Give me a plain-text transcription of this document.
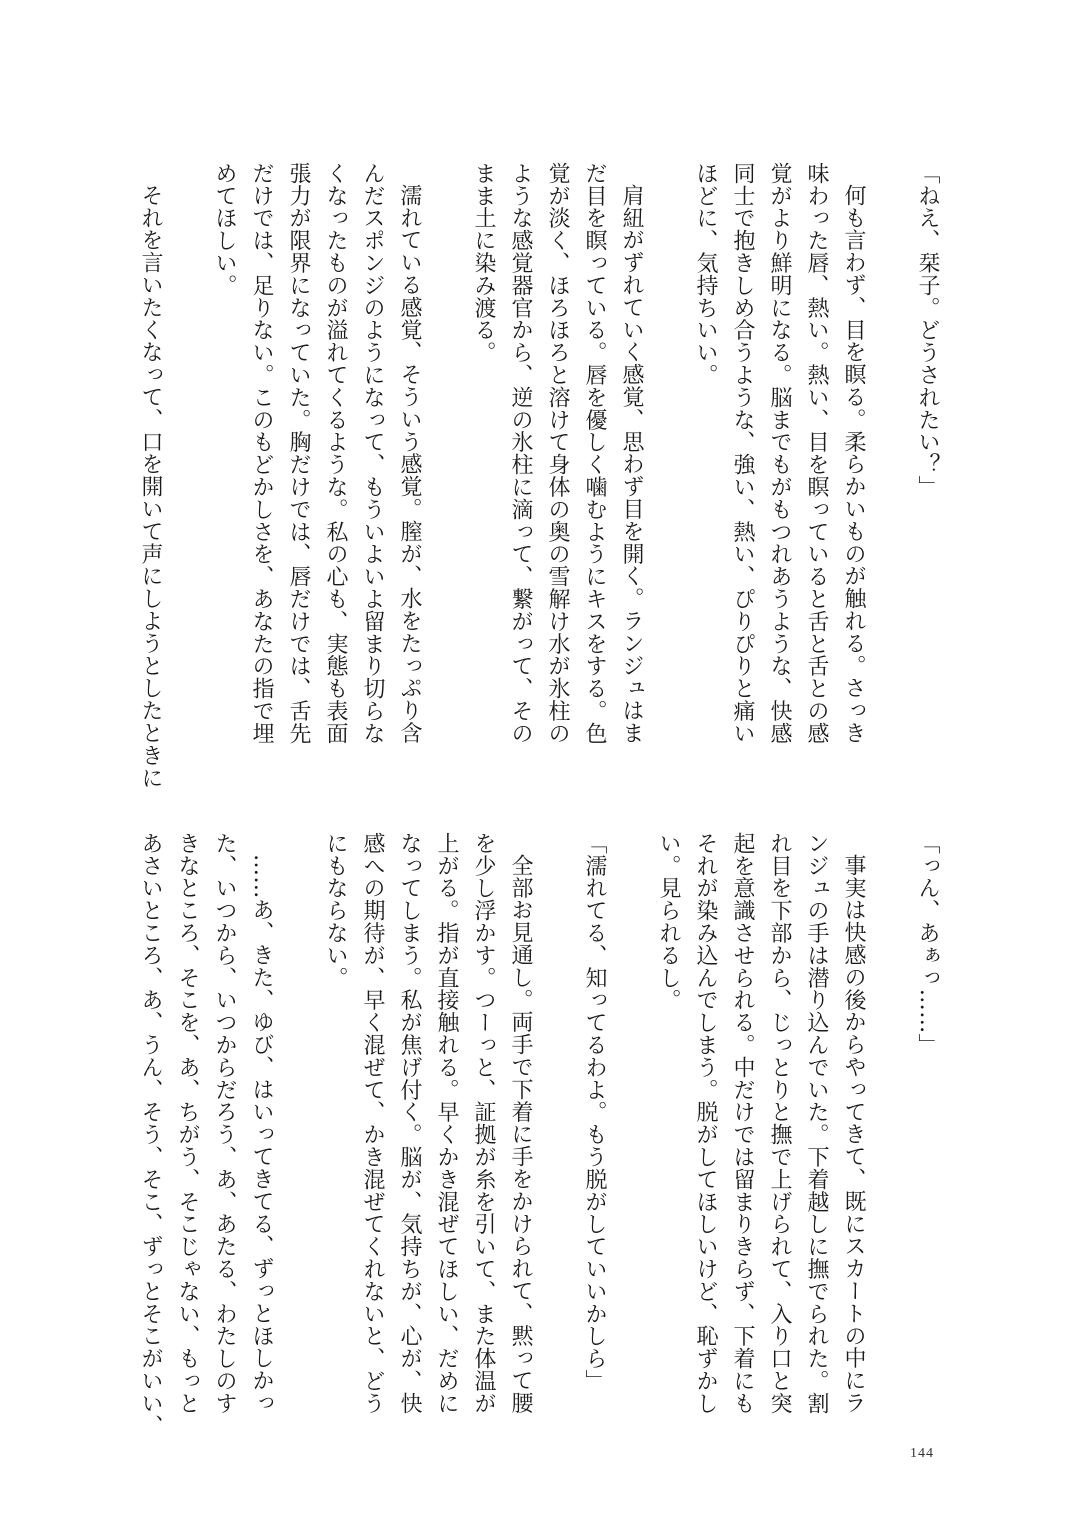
「ねえ、栞子。どうされたい？」
何も言わず、目を瞑る。柔らかいものが触れる。さっき
味わった唇、熱い。熱い、目を瞑っていると舌と舌との感
覚がより鮮明になる。脳までもがもつれあうような、快感
同士で抱きしめ合うような、強い、熱い、ぴりぴりと痛い
ほどに、気持ちいい。
肩紐がずれていく感覚、思わず目を開く。ランジュはま
だ目を瞑っている。唇を優しく噛むようにキスをする。色
覚が淡く、ほろほろと溶けて身体の奥の雪解け水が氷柱の
ような感覚器官から、逆の氷柱に滴って、繋がって、その
まま土に染み渡る。
濡れている感覚、そういう感覚。膣が、水をたっぷり含
んだスポンジのようになって、もういよいよ留まり切らな
くなったものが溢れてくるような。私の心も、実態も表面
張力が限界になっていた。胸だけでは、唇だけでは、舌先
だけでは、足りない。このもどかしさを、あなたの指で埋
めてほしい。
それを言いたくなって、口を開いて声にしようとしたときに
「っん、あぁっ……」
事実は快感の後からやってきて、既にスカートの中にラ
ンジュの手は潜り込んでいた。下着越しに撫でられた。割
れ目を下部から、じっとりと撫で上げられて、入り口と突
起を意識させられる。中だけでは留まりきらず、下着にも
それが染み込んでしまう。脱がしてほしいけど、恥ずかし
い。見られるし。
「濡れてる、知ってるわよ。もう脱がしていいかしら」
全部お見通し。両手で下着に手をかけられて、黙って腰
を少し浮かす。つーっと、証拠が糸を引いて、また体温が
上がる。指が直接触れる。早くかき混ぜてほしい、だめに
なってしまう。私が焦げ付く。脳が、気持ちが、心が、快
感への期待が、早く混ぜて、かき混ぜてくれないと、どう
にもならない。
……あ、きた、ゆび、はいってきてる、ずっとほしかっ
た、いつから、いつからだろう、あ、あたる、わたしのす
きなところ、そこを、あ、ちがう、そこじゃない、もっと
あさいところ、あ、うん、そう、そこ、ずっとそこがいい、
144
